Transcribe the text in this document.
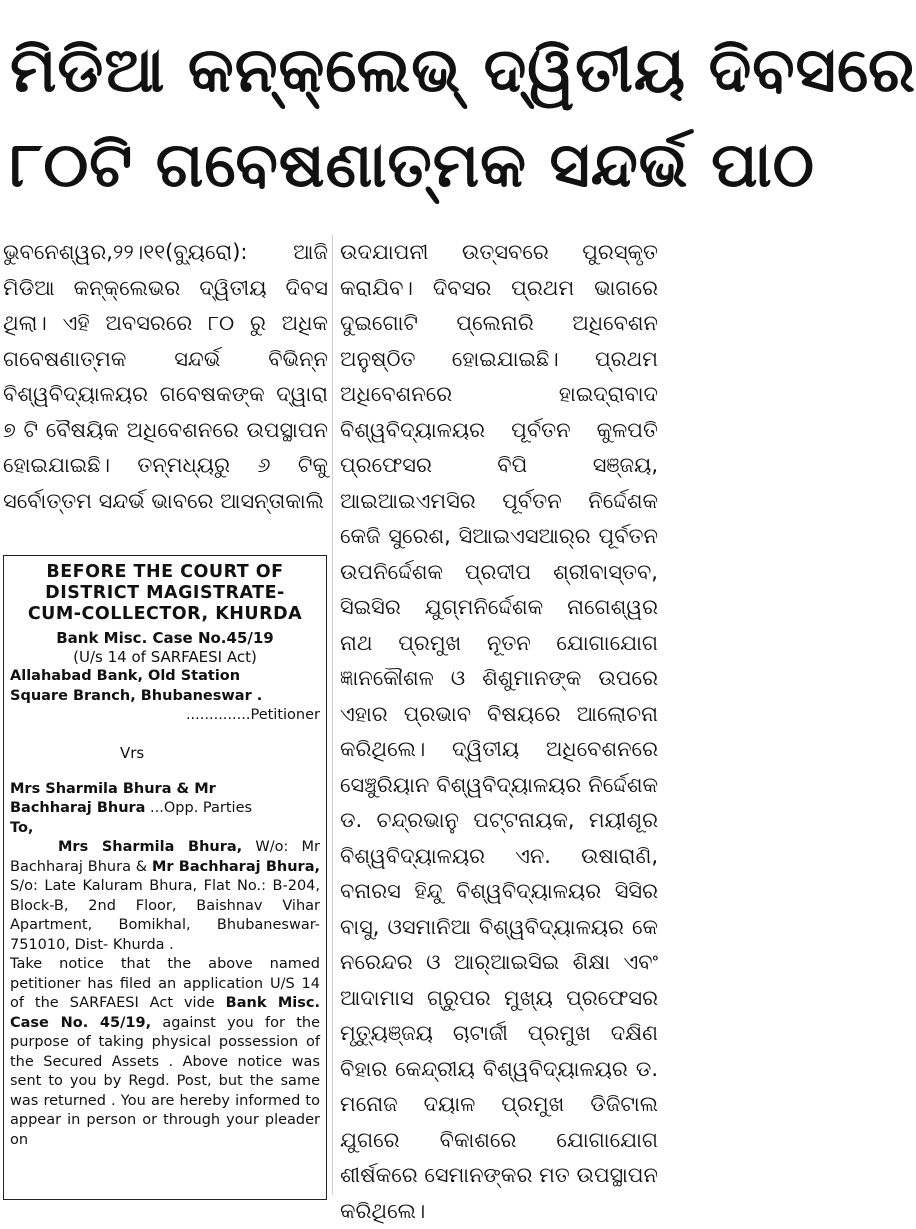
ମିଡିଆ କନ୍‌କ୍ଲେଭ୍ ଦ୍ୱିତୀୟ ଦିବସରେ
୮୦ଟି ଗବେଷଣାତ୍ମକ ସନ୍ଦର୍ଭ ପାଠ

ଭୁବନେଶ୍ୱର,୨୨।୧୧(ବ୍ୟୁରୋ): ଆଜି ମିଡିଆ କନ୍‌କ୍ଲେଭର ଦ୍ୱିତୀୟ ଦିବସ ଥିଲା। ଏହି ଅବସରରେ ୮୦ ରୁ ଅଧିକ ଗବେଷଣାତ୍ମକ ସନ୍ଦର୍ଭ ବିଭିନ୍ନ ବିଶ୍ୱବିଦ୍ୟାଳୟର ଗବେଷକଙ୍କ ଦ୍ୱାରା ୭ ଟି ବୈଷୟିକ ଅଧିବେଶନରେ ଉପସ୍ଥାପନ ହୋଇଯାଇଛି। ତନ୍ମଧ୍ୟରୁ ୬ ଟିକୁ ସର୍ବୋତ୍ତମ ସନ୍ଦର୍ଭ ଭାବରେ ଆସନ୍ତାକାଲି

ଉଦଯାପନୀ ଉତ୍ସବରେ ପୁରସ୍କୃତ କରାଯିବ। ଦିବସର ପ୍ରଥମ ଭାଗରେ ଦୁଇଗୋଟି ପ୍ଲେନାରି ଅଧିବେଶନ ଅନୁଷ୍ଠିତ ହୋଇଯାଇଛି। ପ୍ରଥମ ଅଧିବେଶନରେ ହାଇଦ୍ରାବାଦ ବିଶ୍ୱବିଦ୍ୟାଳୟର ପୂର୍ବତନ କୁଳପତି ପ୍ରଫେସର ବିପି ସଞ୍ଜୟ, ଆଇଆଇଏମସିର ପୂର୍ବତନ ନିର୍ଦ୍ଦେଶକ କେଜି ସୁରେଶ, ସିଆଇଏସଆର୍‌ର ପୂର୍ବତନ ଉପନିର୍ଦ୍ଦେଶକ ପ୍ରଦୀପ ଶ୍ରୀବାସ୍ତବ, ସିଇସିର ଯୁଗ୍ମନିର୍ଦ୍ଦେଶକ ନାଗେଶ୍ୱର ନାଥ ପ୍ରମୁଖ ନୂତନ ଯୋଗାଯୋଗ ଜ୍ଞାନକୌଶଳ ଓ ଶିଶୁମାନଙ୍କ ଉପରେ ଏହାର ପ୍ରଭାବ ବିଷୟରେ ଆଲୋଚନା କରିଥିଲେ। ଦ୍ୱିତୀୟ ଅଧିବେଶନରେ ସେଞ୍ଚୁରିୟାନ ବିଶ୍ୱବିଦ୍ୟାଳୟର ନିର୍ଦ୍ଦେଶକ ଡ. ଚନ୍ଦ୍ରଭାନୁ ପଟ୍ଟନାୟକ, ମୟୀଶୂର ବିଶ୍ୱବିଦ୍ୟାଳୟର ଏନ. ଉଷାରାଣି, ବନାରସ ହିନ୍ଦୁ ବିଶ୍ୱବିଦ୍ୟାଳୟର ସିସିର ବାସୁ, ଓସମାନିଆ ବିଶ୍ୱବିଦ୍ୟାଳୟର କେ ନରେନ୍ଦର ଓ ଆର୍‌ଆଇସିଇ ଶିକ୍ଷା ଏବଂ ଆଦାମାସ ଗ୍ରୁପର ମୁଖ୍ୟ ପ୍ରଫେସର ମୃତ୍ୟୁଞ୍ଜୟ ଚାଟାର୍ଜୀ ପ୍ରମୁଖ ଦକ୍ଷିଣ ବିହାର କେନ୍ଦ୍ରୀୟ ବିଶ୍ୱବିଦ୍ୟାଳୟର ଡ. ମନୋଜ ଦୟାଳ ପ୍ରମୁଖ ଡିଜିଟାଲ ଯୁଗରେ ବିକାଶରେ ଯୋଗାଯୋଗ ଶୀର୍ଷକରେ ସେମାନଙ୍କର ମତ ଉପସ୍ଥାପନ କରିଥିଲେ।

BEFORE THE COURT OF
DISTRICT MAGISTRATE-
CUM-COLLECTOR, KHURDA

Bank Misc. Case No.45/19

(U/s 14 of SARFAESI Act)

Allahabad Bank, Old Station

Square Branch, Bhubaneswar .

..............Petitioner

Vrs

Mrs Sharmila Bhura & Mr

Bachharaj Bhura ...Opp. Parties

To,

Mrs Sharmila Bhura, W/o: Mr Bachharaj Bhura & Mr Bachharaj Bhura, S/o: Late Kaluram Bhura, Flat No.: B-204, Block-B, 2nd Floor, Baishnav Vihar Apartment, Bomikhal, Bhubaneswar-751010, Dist- Khurda .

Take notice that the above named petitioner has filed an application U/S 14 of the SARFAESI Act vide Bank Misc. Case No. 45/19, against you for the purpose of taking physical possession of the Secured Assets . Above notice was sent to you by Regd. Post, but the same was returned . You are hereby informed to appear in person or through your pleader on
